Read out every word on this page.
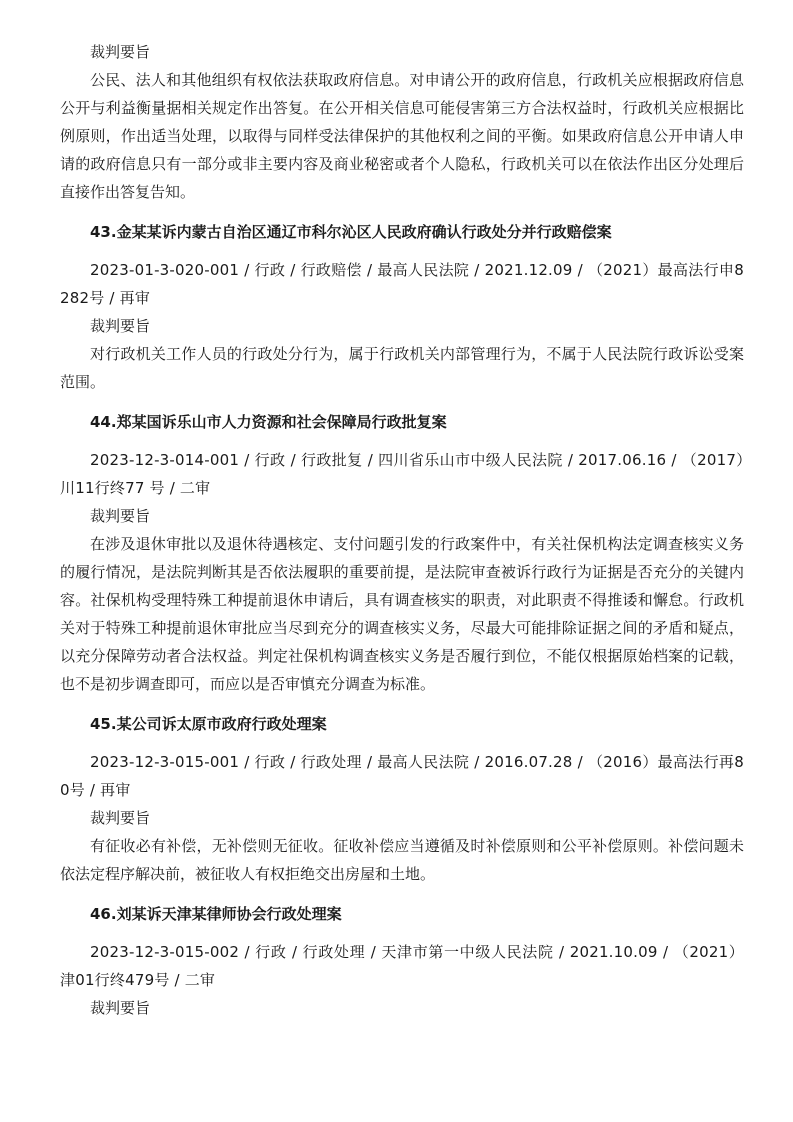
裁判要旨

公民、法人和其他组织有权依法获取政府信息。对申请公开的政府信息，行政机关应根据政府信息公开与利益衡量据相关规定作出答复。在公开相关信息可能侵害第三方合法权益时，行政机关应根据比例原则，作出适当处理，以取得与同样受法律保护的其他权利之间的平衡。如果政府信息公开申请人申请的政府信息只有一部分或非主要内容及商业秘密或者个人隐私，行政机关可以在依法作出区分处理后直接作出答复告知。

43.金某某诉内蒙古自治区通辽市科尔沁区人民政府确认行政处分并行政赔偿案

2023-01-3-020-001 / 行政 / 行政赔偿 / 最高人民法院 / 2021.12.09 / （2021）最高法行申8282号 / 再审

裁判要旨

对行政机关工作人员的行政处分行为，属于行政机关内部管理行为，不属于人民法院行政诉讼受案范围。

44.郑某国诉乐山市人力资源和社会保障局行政批复案

2023-12-3-014-001 / 行政 / 行政批复 / 四川省乐山市中级人民法院 / 2017.06.16 / （2017）川11行终77 号 / 二审

裁判要旨

在涉及退休审批以及退休待遇核定、支付问题引发的行政案件中，有关社保机构法定调查核实义务的履行情况，是法院判断其是否依法履职的重要前提，是法院审查被诉行政行为证据是否充分的关键内容。社保机构受理特殊工种提前退休申请后，具有调查核实的职责，对此职责不得推诿和懈怠。行政机关对于特殊工种提前退休审批应当尽到充分的调查核实义务，尽最大可能排除证据之间的矛盾和疑点，以充分保障劳动者合法权益。判定社保机构调查核实义务是否履行到位，不能仅根据原始档案的记载，也不是初步调查即可，而应以是否审慎充分调查为标准。

45.某公司诉太原市政府行政处理案

2023-12-3-015-001 / 行政 / 行政处理 / 最高人民法院 / 2016.07.28 / （2016）最高法行再80号 / 再审

裁判要旨

有征收必有补偿，无补偿则无征收。征收补偿应当遵循及时补偿原则和公平补偿原则。补偿问题未依法定程序解决前，被征收人有权拒绝交出房屋和土地。

46.刘某诉天津某律师协会行政处理案

2023-12-3-015-002 / 行政 / 行政处理 / 天津市第一中级人民法院 / 2021.10.09 / （2021）津01行终479号 / 二审

裁判要旨
